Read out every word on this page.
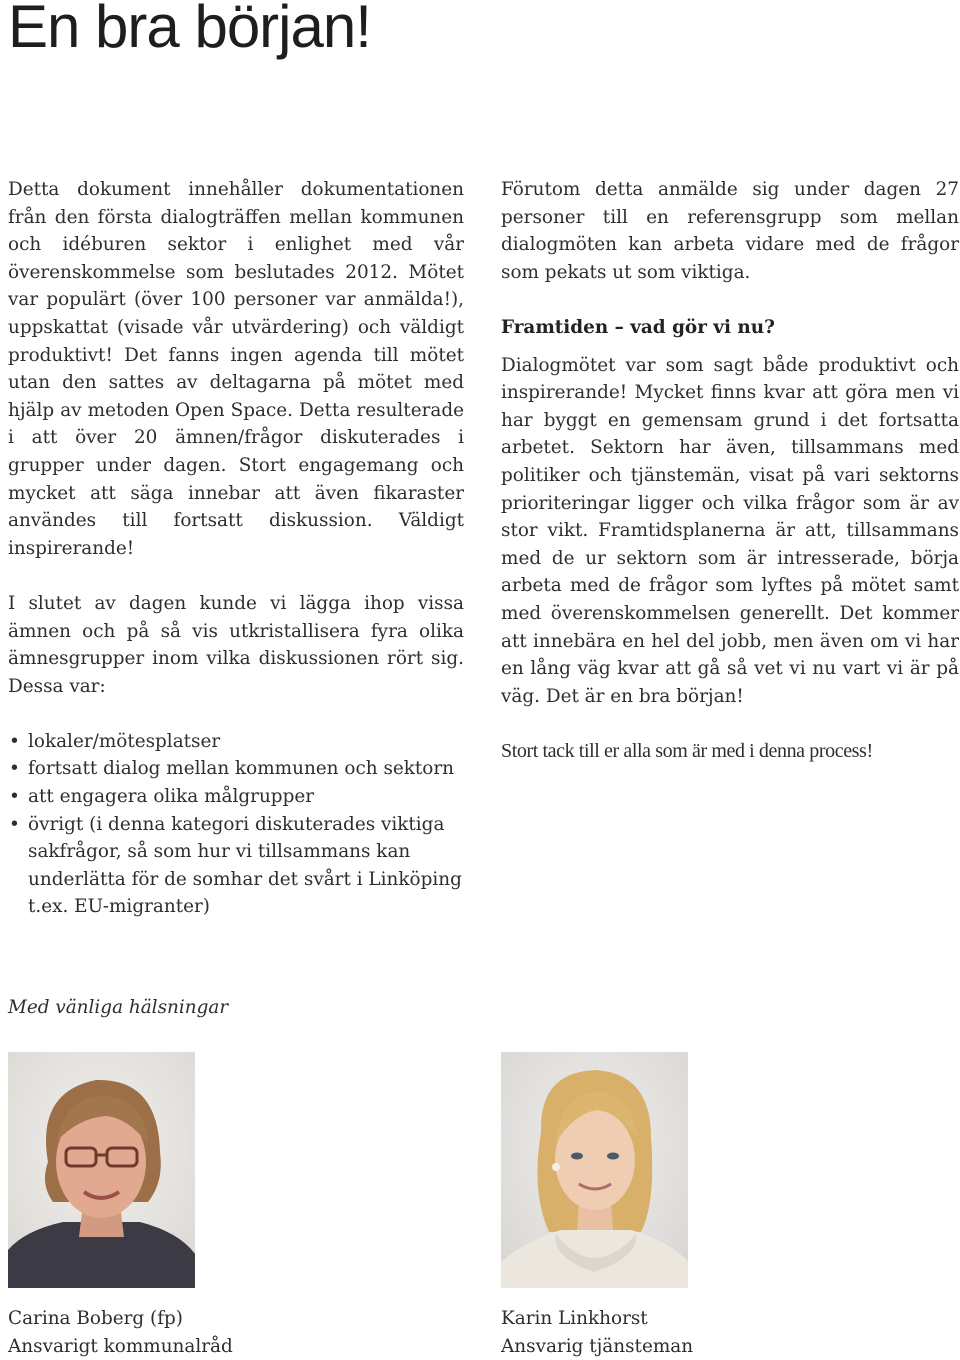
En bra början!

Detta dokument innehåller dokumentationen från den första dialogträffen mellan kommunen och idéburen sektor i enlighet med vår överenskommelse som beslutades 2012. Mötet var populärt (över 100 personer var anmälda!), uppskattat (visade vår utvärdering) och väldigt produktivt! Det fanns ingen agenda till mötet utan den sattes av deltagarna på mötet med hjälp av metoden Open Space. Detta resulterade i att över 20 ämnen/frågor diskuterades i grupper under dagen. Stort engagemang och mycket att säga innebar att även fikaraster användes till fortsatt diskussion. Väldigt inspirerande!

I slutet av dagen kunde vi lägga ihop vissa ämnen och på så vis utkristallisera fyra olika ämnesgrupper inom vilka diskussionen rört sig. Dessa var:

• lokaler/mötesplatser
• fortsatt dialog mellan kommunen och sektorn
• att engagera olika målgrupper
• övrigt (i denna kategori diskuterades viktiga sakfrågor, så som hur vi tillsammans kan underlätta för de somhar det svårt i Linköping t.ex. EU-migranter)

Förutom detta anmälde sig under dagen 27 personer till en referensgrupp som mellan dialogmöten kan arbeta vidare med de frågor som pekats ut som viktiga.

Framtiden – vad gör vi nu?

Dialogmötet var som sagt både produktivt och inspirerande! Mycket finns kvar att göra men vi har byggt en gemensam grund i det fortsatta arbetet. Sektorn har även, tillsammans med politiker och tjänstemän, visat på vari sektorns prioriteringar ligger och vilka frågor som är av stor vikt. Framtidsplanerna är att, tillsammans med de ur sektorn som är intresserade, börja arbeta med de frågor som lyftes på mötet samt med överenskommelsen generellt. Det kommer att innebära en hel del jobb, men även om vi har en lång väg kvar att gå så vet vi nu vart vi är på väg. Det är en bra början!

Stort tack till er alla som är med i denna process!

Med vänliga hälsningar
Carina Boberg (fp)
Ansvarigt kommunalråd
Karin Linkhorst
Ansvarig tjänsteman
